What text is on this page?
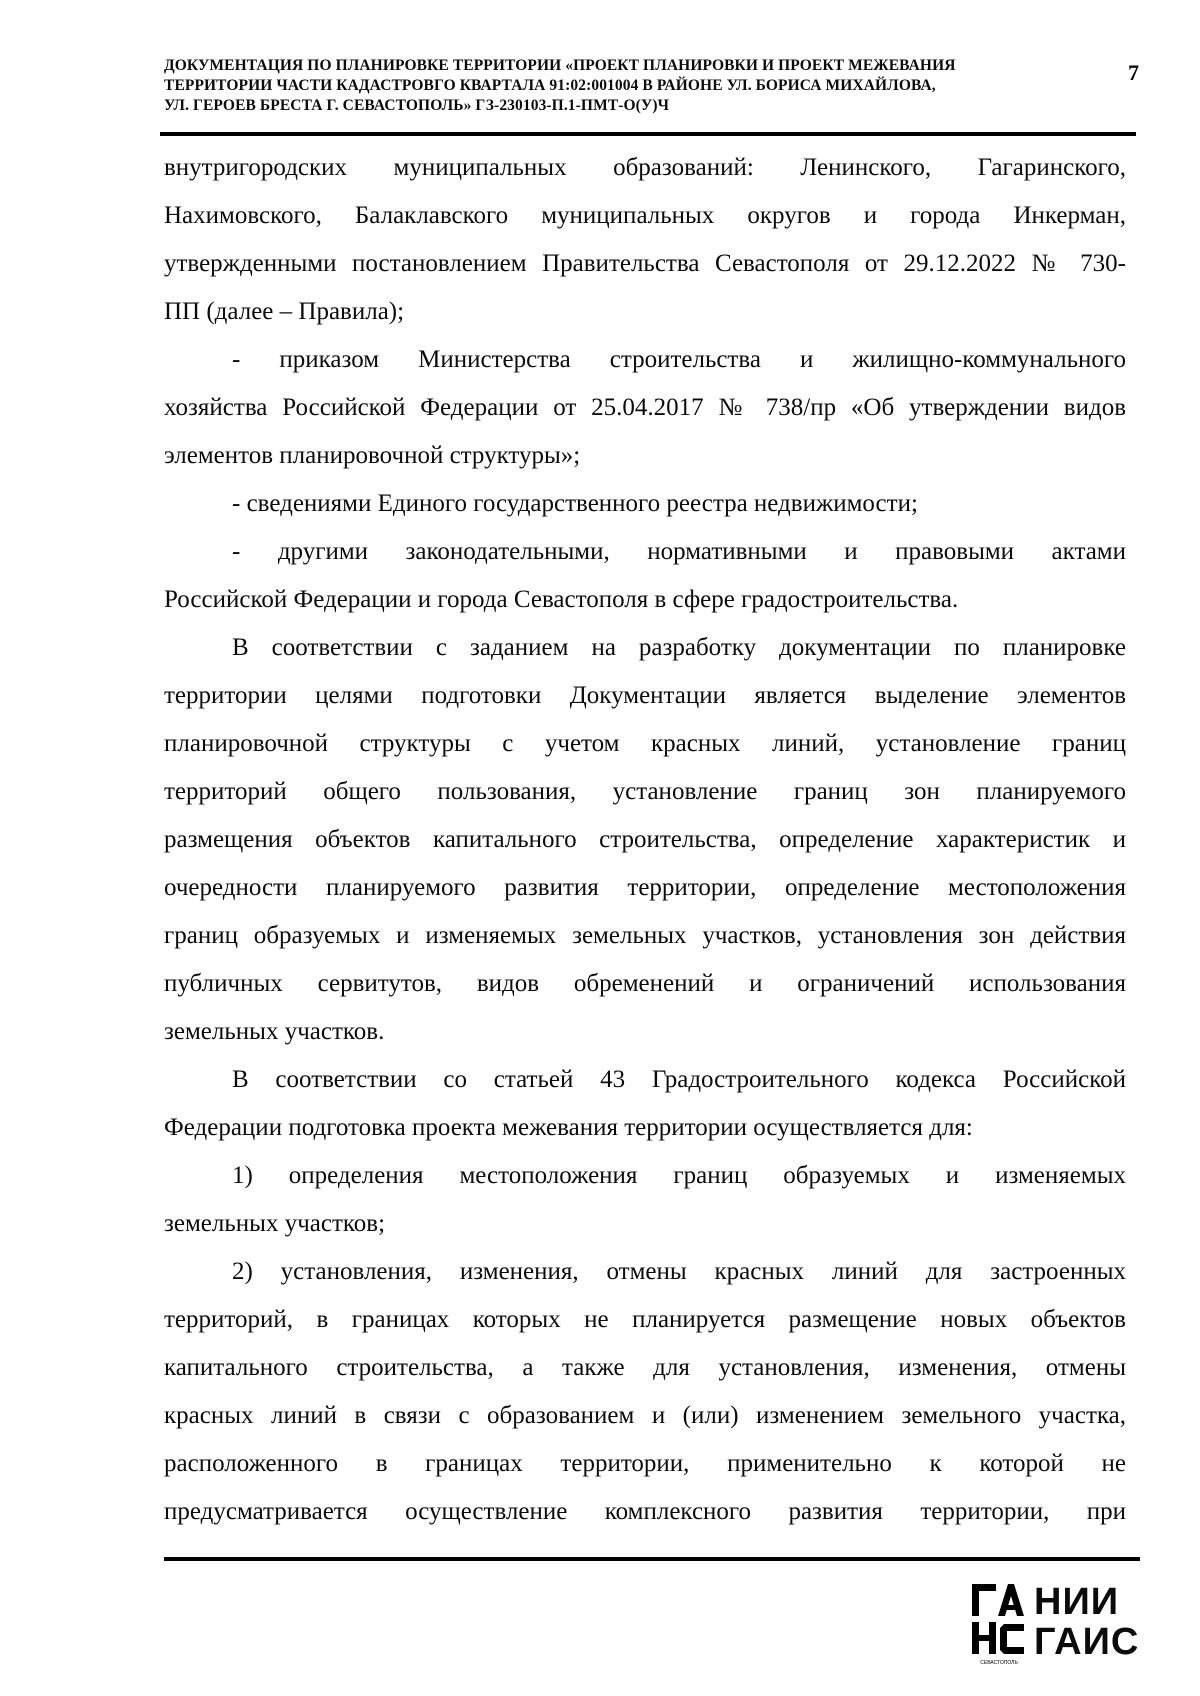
ДОКУМЕНТАЦИЯ ПО ПЛАНИРОВКЕ ТЕРРИТОРИИ «ПРОЕКТ ПЛАНИРОВКИ И ПРОЕКТ МЕЖЕВАНИЯ
ТЕРРИТОРИИ ЧАСТИ КАДАСТРОВГО КВАРТАЛА 91:02:001004 В РАЙОНЕ УЛ. БОРИСА МИХАЙЛОВА,
УЛ. ГЕРОЕВ БРЕСТА Г. СЕВАСТОПОЛЬ» ГЗ-230103-П.1-ПМТ-О(У)Ч
7
внутригородских муниципальных образований: Ленинского, Гагаринского,
Нахимовского, Балаклавского муниципальных округов и города Инкерман,
утвержденными постановлением Правительства Севастополя от 29.12.2022 № 730-
ПП (далее – Правила);
- приказом Министерства строительства и жилищно-коммунального
хозяйства Российской Федерации от 25.04.2017 № 738/пр «Об утверждении видов
элементов планировочной структуры»;
- сведениями Единого государственного реестра недвижимости;
- другими законодательными, нормативными и правовыми актами
Российской Федерации и города Севастополя в сфере градостроительства.
В соответствии с заданием на разработку документации по планировке
территории целями подготовки Документации является выделение элементов
планировочной структуры с учетом красных линий, установление границ
территорий общего пользования, установление границ зон планируемого
размещения объектов капитального строительства, определение характеристик и
очередности планируемого развития территории, определение местоположения
границ образуемых и изменяемых земельных участков, установления зон действия
публичных сервитутов, видов обременений и ограничений использования
земельных участков.
В соответствии со статьей 43 Градостроительного кодекса Российской
Федерации подготовка проекта межевания территории осуществляется для:
1) определения местоположения границ образуемых и изменяемых
земельных участков;
2) установления, изменения, отмены красных линий для застроенных
территорий, в границах которых не планируется размещение новых объектов
капитального строительства, а также для установления, изменения, отмены
красных линий в связи с образованием и (или) изменением земельного участка,
расположенного в границах территории, применительно к которой не
предусматривается осуществление комплексного развития территории, при
СЕВАСТОПОЛЬ
НИИ
ГАИС
